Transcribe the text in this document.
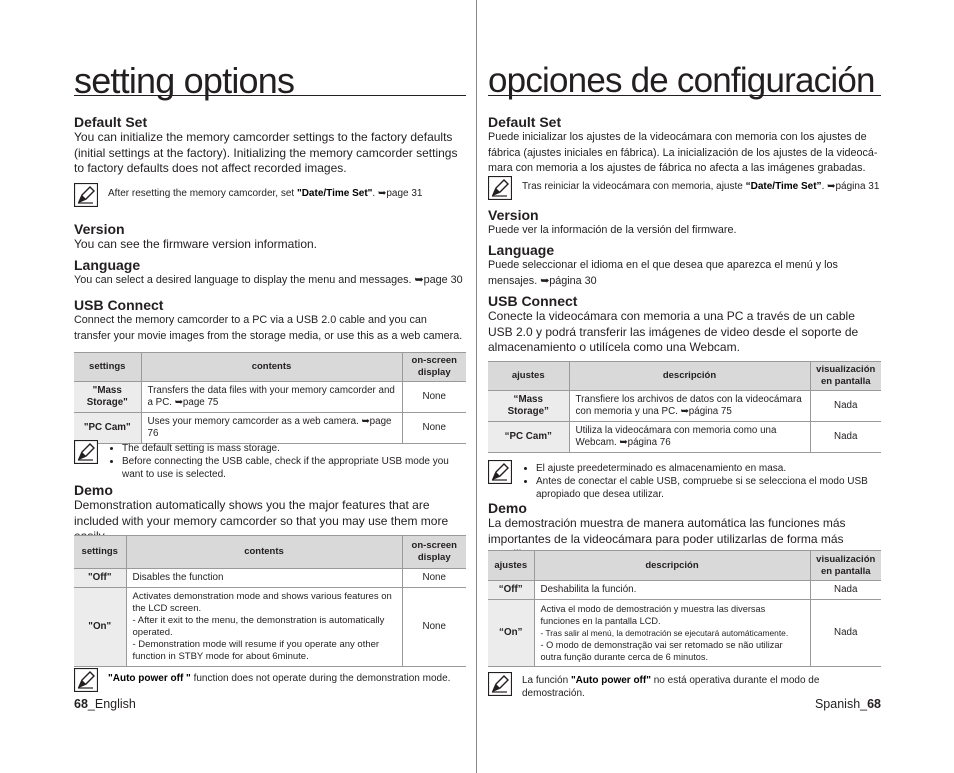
setting options
Default Set
You can initialize the memory camcorder settings to the factory defaults (initial settings at the factory). Initializing the memory camcorder settings to factory defaults does not affect recorded images.
After resetting the memory camcorder, set "Date/Time Set". ➥page 31
Version
You can see the firmware version information.
Language
You can select a desired language to display the menu and messages. ➥page 30
USB Connect
Connect the memory camcorder to a PC via a USB 2.0 cable and you can transfer your movie images from the storage media, or use this as a web camera.
settings	contents	on-screen display
"Mass Storage"	Transfers the data files with your memory camcorder and a PC. ➥page 75	None
"PC Cam"	Uses your memory camcorder as a web camera. ➥page 76	None
• The default setting is mass storage.
• Before connecting the USB cable, check if the appropriate USB mode you want to use is selected.
Demo
Demonstration automatically shows you the major features that are included with your memory camcorder so that you may use them more
settings	contents	on-screen display
"Off"	Disables the function	None
"On"	Activates demonstration mode and shows various features on the LCD screen.
- After it exit to the menu, the demonstration is automatically operated.
- Demonstration mode will resume if you operate any other function in STBY mode for about 6minute.	None
"Auto power off " function does not operate during the demonstration mode.
68_English
opciones de configuración
Default Set
Puede inicializar los ajustes de la videocámara con memoria con los ajustes de fábrica (ajustes iniciales en fábrica). La inicialización de los ajustes de la videocá-mara con memoria a los ajustes de fábrica no afecta a las imágenes grabadas.
Tras reiniciar la videocámara con memoria, ajuste “Date/Time Set”. ➥página 31
Version
Puede ver la información de la versión del firmware.
Language
Puede seleccionar el idioma en el que desea que aparezca el menú y los mensajes. ➥página 30
USB Connect
Conecte la videocámara con memoria a una PC a través de un cable USB 2.0 y podrá transferir las imágenes de video desde el soporte de almacenamiento o utilícela como una Webcam.
ajustes	descripción	visualización en pantalla
“Mass Storage”	Transfiere los archivos de datos con la videocámara con memoria y una PC. ➥página 75	Nada
“PC Cam”	Utiliza la videocámara con memoria como una Webcam. ➥página 76	Nada
• El ajuste preedeterminado es almacenamiento en masa.
• Antes de conectar el cable USB, compruebe si se selecciona el modo USB apropiado que desea utilizar.
Demo
La demostración muestra de manera automática las funciones más importantes de la videocámara para poder utilizarlas de forma más
ajustes	descripción	visualización en pantalla
“Off”	Deshabilita la función.	Nada
“On”	Activa el modo de demostración y muestra las diversas funciones en la pantalla LCD.
- Tras salir al menú, la demotración se ejecutará automáticamente.
- O modo de demonstração vai ser retomado se não utilizar outra função durante cerca de 6 minutos.	Nada
La función "Auto power off" no está operativa durante el modo de demostración.
Spanish_68
